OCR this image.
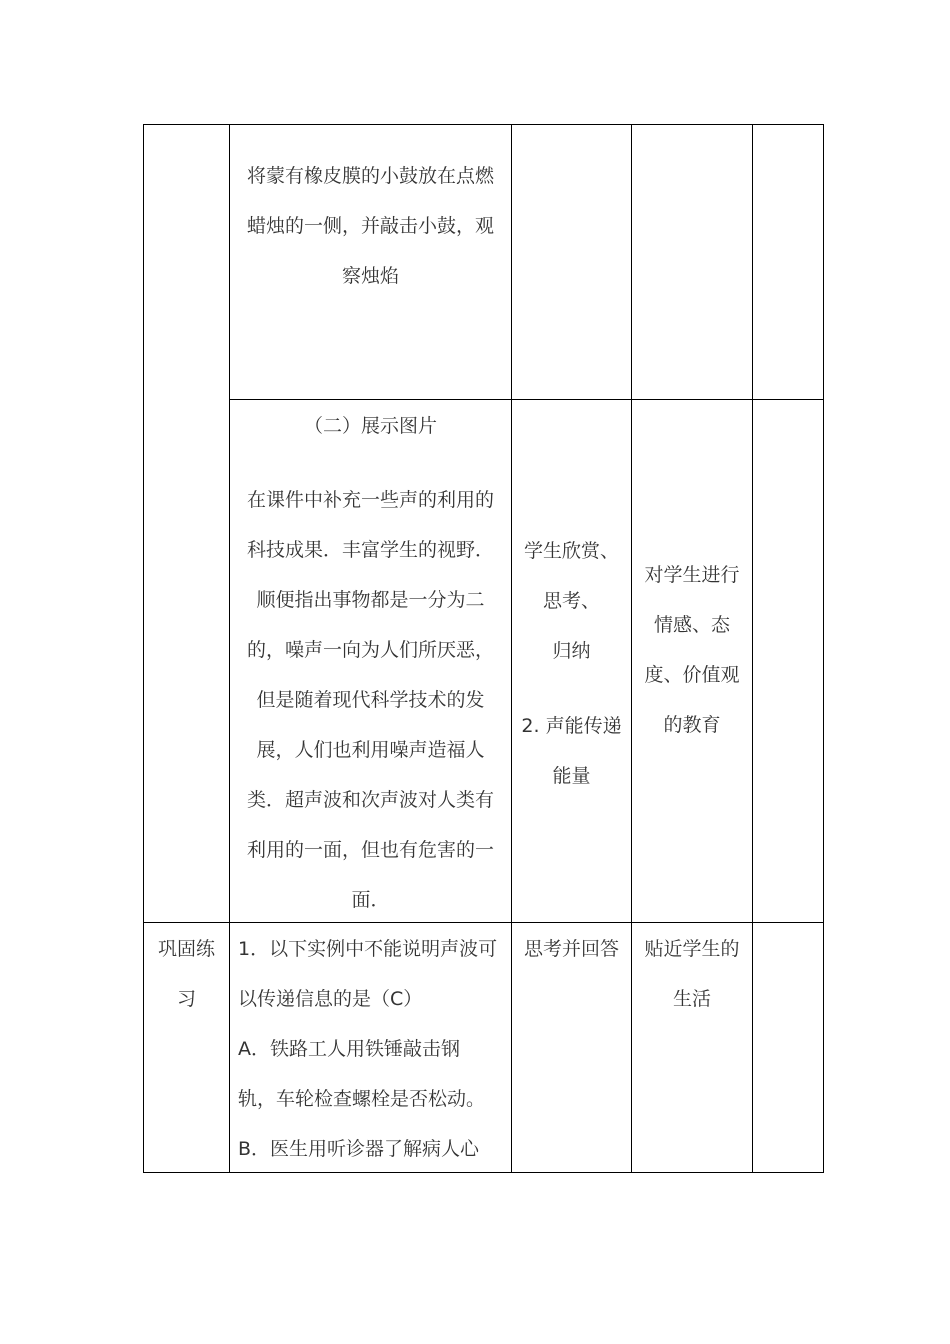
将蒙有橡皮膜的小鼓放在点燃
蜡烛的一侧，并敲击小鼓，观
察烛焰
（二）展示图片
在课件中补充一些声的利用的
科技成果．丰富学生的视野．
顺便指出事物都是一分为二
的，噪声一向为人们所厌恶，
但是随着现代科学技术的发
展，人们也利用噪声造福人
类．超声波和次声波对人类有
利用的一面，但也有危害的一
面．
学生欣赏、
思考、
归纳
2. 声能传递
能量
对学生进行
情感、态
度、价值观
的教育
巩固练
习
1．以下实例中不能说明声波可
以传递信息的是（C）
A．铁路工人用铁锤敲击钢
轨，车轮检查螺栓是否松动。
B．医生用听诊器了解病人心
思考并回答	贴近学生的
生活
